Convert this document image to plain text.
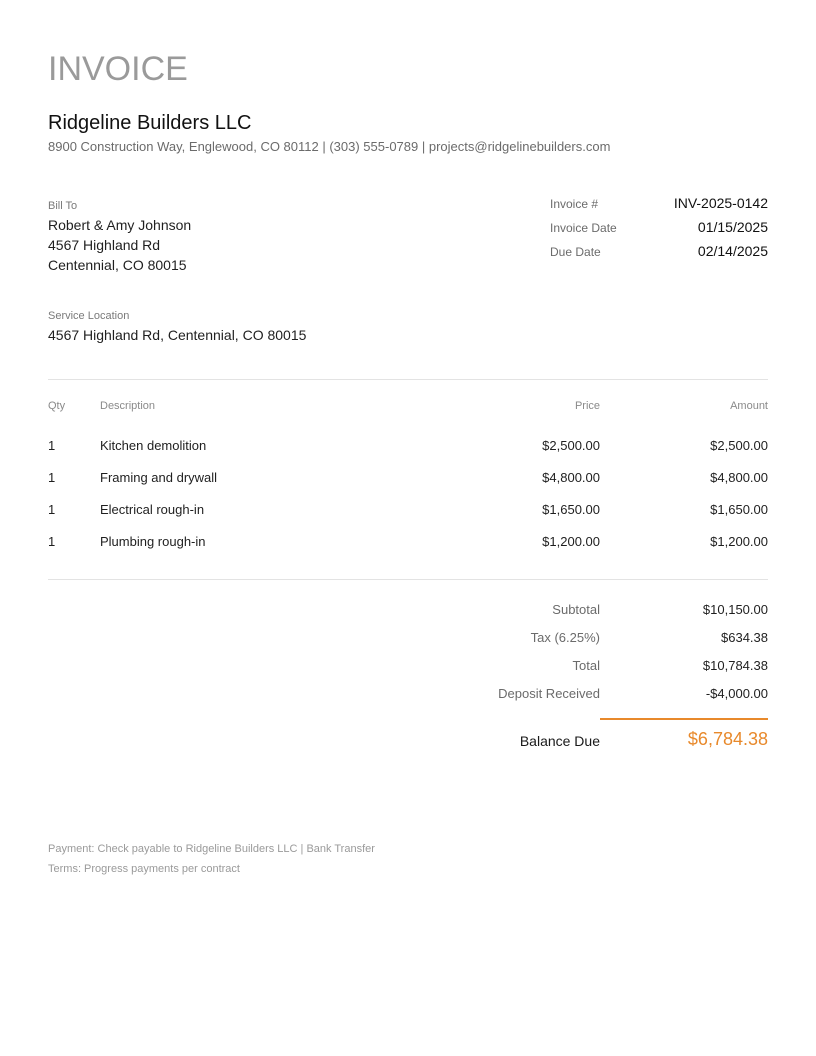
INVOICE
Ridgeline Builders LLC
8900 Construction Way, Englewood, CO 80112 | (303) 555-0789 | projects@ridgelinebuilders.com
Bill To
Robert & Amy Johnson
4567 Highland Rd
Centennial, CO 80015
Invoice #	INV-2025-0142
Invoice Date	01/15/2025
Due Date	02/14/2025
Service Location
4567 Highland Rd, Centennial, CO 80015
Qty	Description	Price	Amount
1	Kitchen demolition	$2,500.00	$2,500.00
1	Framing and drywall	$4,800.00	$4,800.00
1	Electrical rough-in	$1,650.00	$1,650.00
1	Plumbing rough-in	$1,200.00	$1,200.00
Subtotal	$10,150.00
Tax (6.25%)	$634.38
Total	$10,784.38
Deposit Received	-$4,000.00
Balance Due	$6,784.38
Payment: Check payable to Ridgeline Builders LLC | Bank Transfer
Terms: Progress payments per contract
